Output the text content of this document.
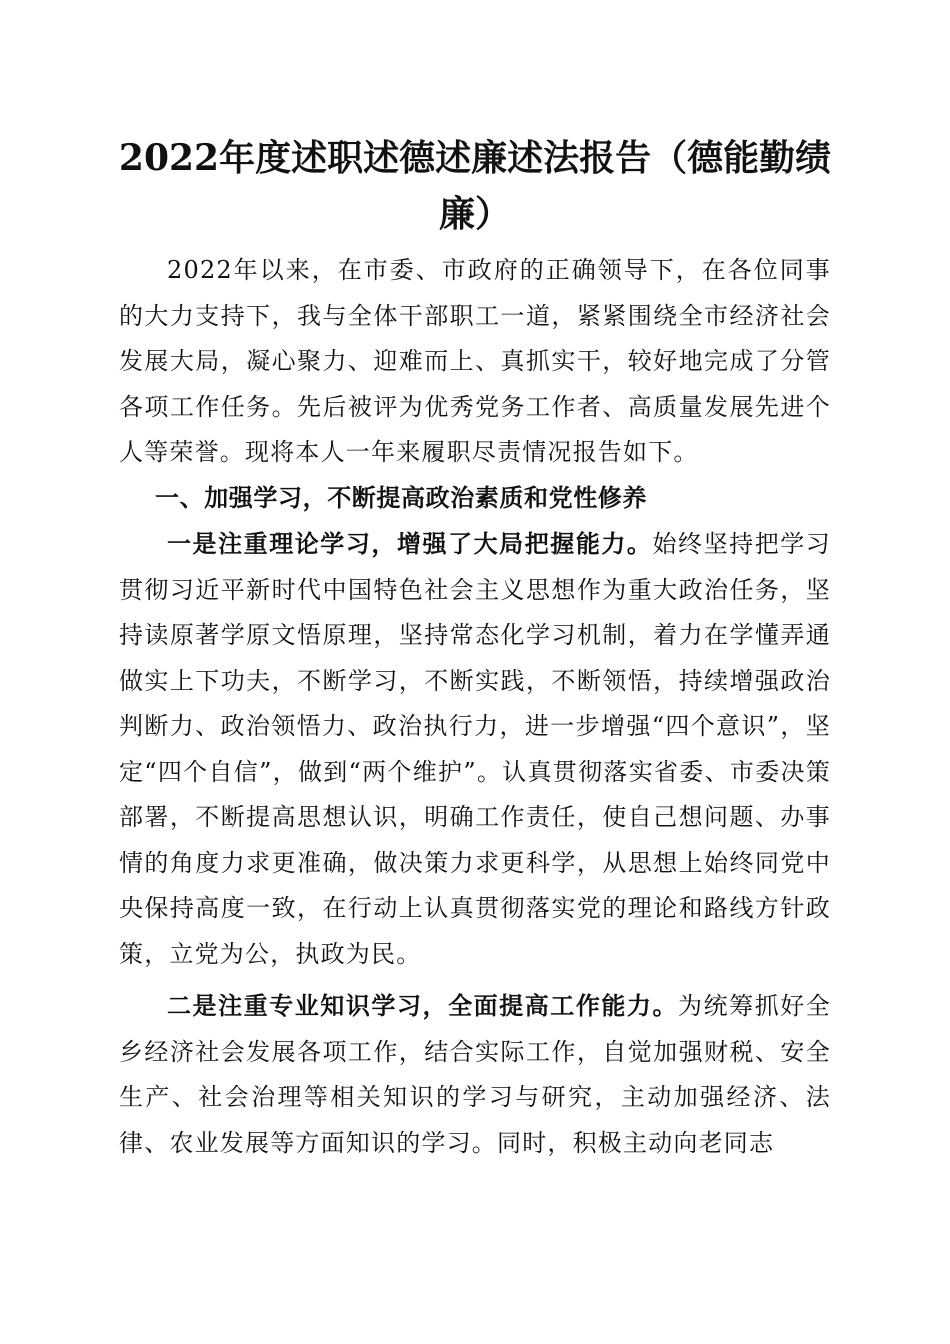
2022年度述职述德述廉述法报告（德能勤绩廉）

2022年以来，在市委、市政府的正确领导下，在各位同事的大力支持下，我与全体干部职工一道，紧紧围绕全市经济社会发展大局，凝心聚力、迎难而上、真抓实干，较好地完成了分管各项工作任务。先后被评为优秀党务工作者、高质量发展先进个人等荣誉。现将本人一年来履职尽责情况报告如下。

一、加强学习，不断提高政治素质和党性修养

一是注重理论学习，增强了大局把握能力。始终坚持把学习贯彻习近平新时代中国特色社会主义思想作为重大政治任务，坚持读原著学原文悟原理，坚持常态化学习机制，着力在学懂弄通做实上下功夫，不断学习，不断实践，不断领悟，持续增强政治判断力、政治领悟力、政治执行力，进一步增强“四个意识”，坚定“四个自信”，做到“两个维护”。认真贯彻落实省委、市委决策部署，不断提高思想认识，明确工作责任，使自己想问题、办事情的角度力求更准确，做决策力求更科学，从思想上始终同党中央保持高度一致，在行动上认真贯彻落实党的理论和路线方针政策，立党为公，执政为民。

二是注重专业知识学习，全面提高工作能力。为统筹抓好全乡经济社会发展各项工作，结合实际工作，自觉加强财税、安全生产、社会治理等相关知识的学习与研究，主动加强经济、法律、农业发展等方面知识的学习。同时，积极主动向老同志
